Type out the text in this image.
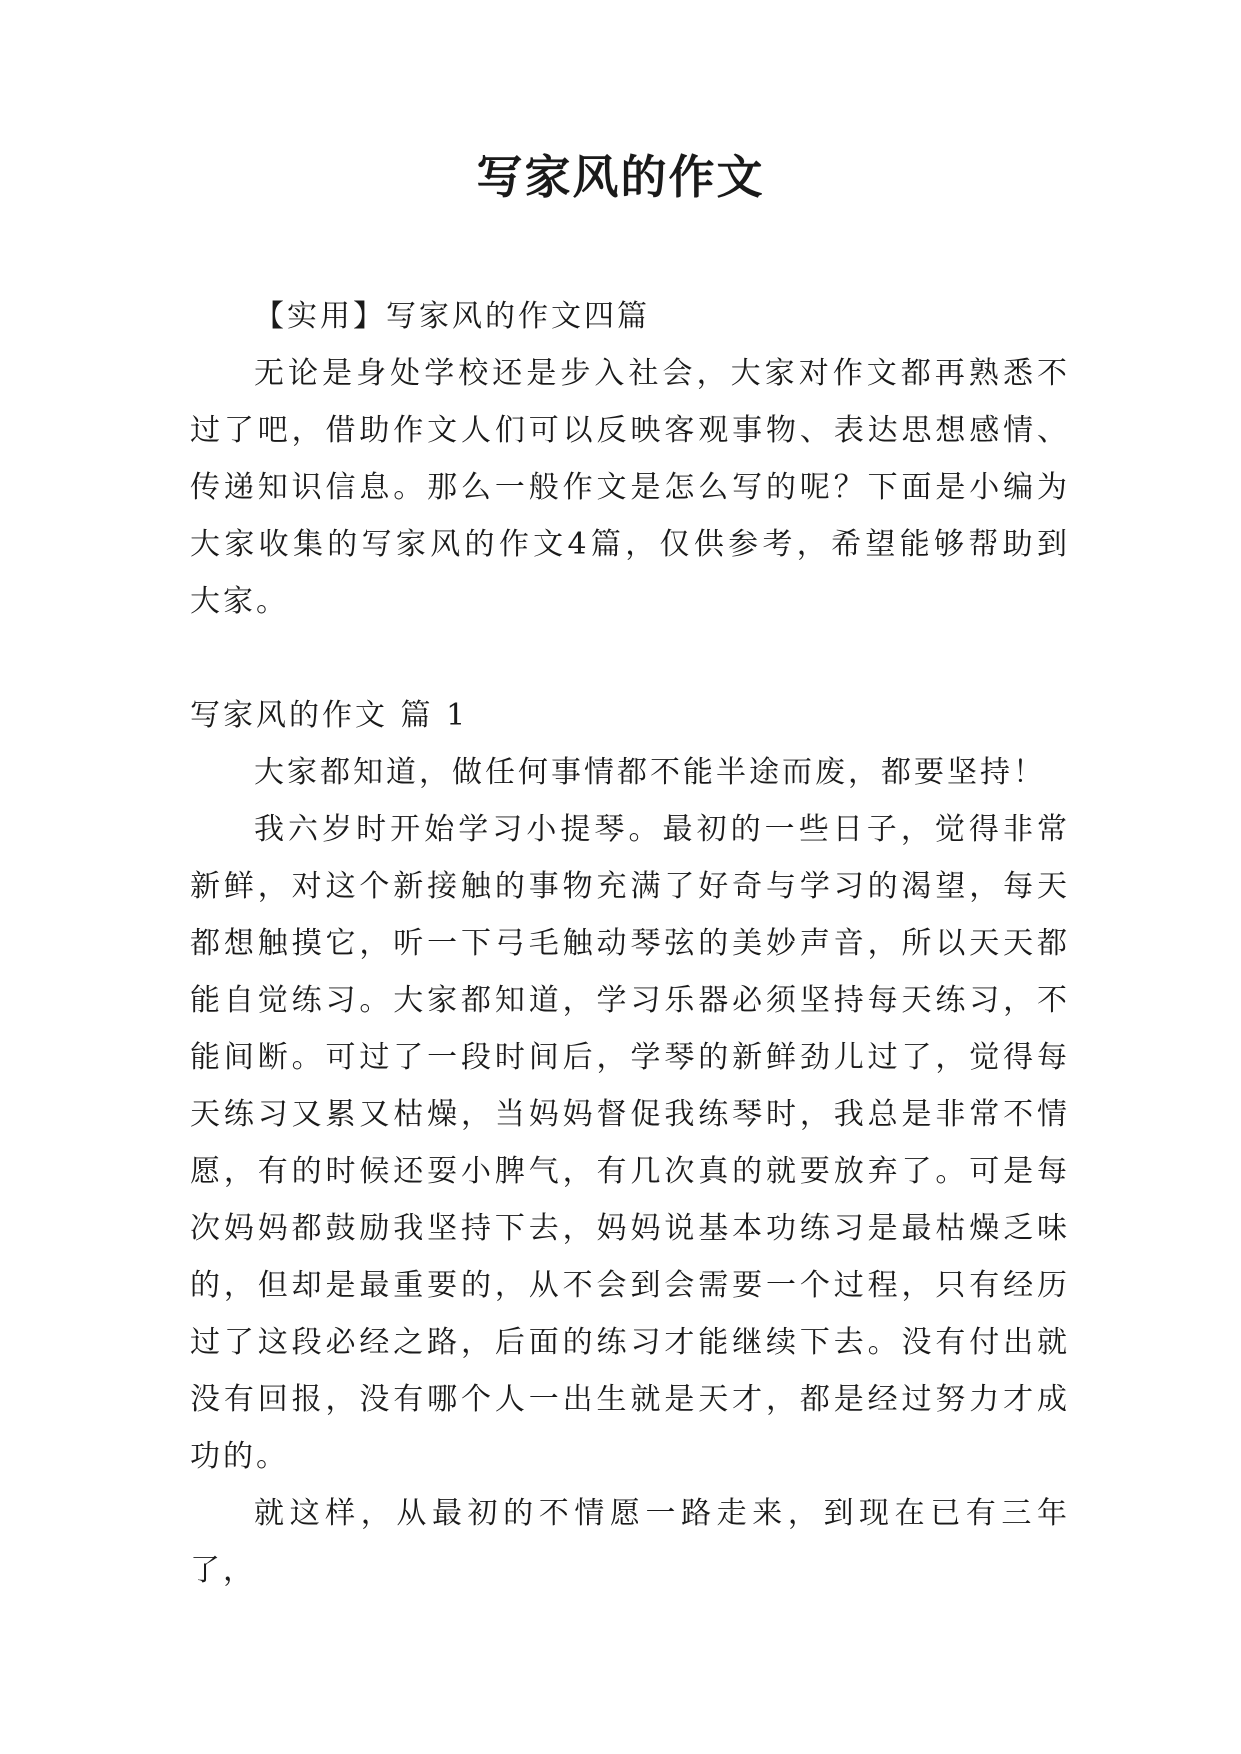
写家风的作文

【实用】写家风的作文四篇

无论是身处学校还是步入社会，大家对作文都再熟悉不过了吧，借助作文人们可以反映客观事物、表达思想感情、传递知识信息。那么一般作文是怎么写的呢？下面是小编为大家收集的写家风的作文4篇，仅供参考，希望能够帮助到大家。

写家风的作文 篇 1

大家都知道，做任何事情都不能半途而废，都要坚持！

我六岁时开始学习小提琴。最初的一些日子，觉得非常新鲜，对这个新接触的事物充满了好奇与学习的渴望，每天都想触摸它，听一下弓毛触动琴弦的美妙声音，所以天天都能自觉练习。大家都知道，学习乐器必须坚持每天练习，不能间断。可过了一段时间后，学琴的新鲜劲儿过了，觉得每天练习又累又枯燥，当妈妈督促我练琴时，我总是非常不情愿，有的时候还耍小脾气，有几次真的就要放弃了。可是每次妈妈都鼓励我坚持下去，妈妈说基本功练习是最枯燥乏味的，但却是最重要的，从不会到会需要一个过程，只有经历过了这段必经之路，后面的练习才能继续下去。没有付出就没有回报，没有哪个人一出生就是天才，都是经过努力才成功的。

就这样，从最初的不情愿一路走来，到现在已有三年了，
